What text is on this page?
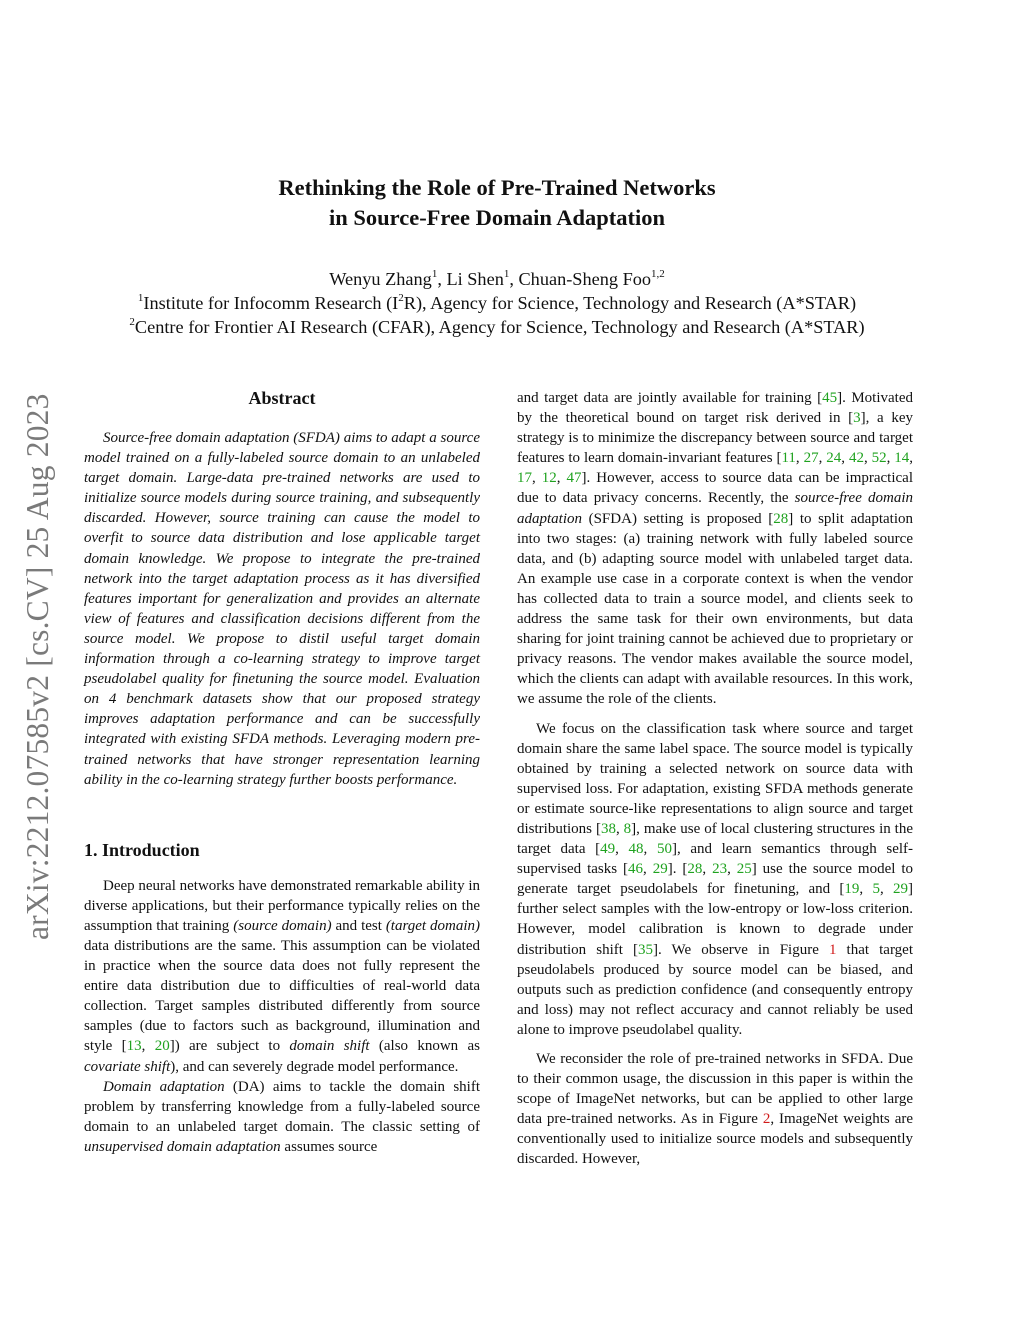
arXiv:2212.07585v2 [cs.CV] 25 Aug 2023
Rethinking the Role of Pre-Trained Networks
in Source-Free Domain Adaptation
Wenyu Zhang$^1$, Li Shen$^1$, Chuan-Sheng Foo$^{1,2}$
$^1$Institute for Infocomm Research $(I^2R)$, Agency for Science, Technology and Research (A*STAR)
$^2$Centre for Frontier AI Research (CFAR), Agency for Science, Technology and Research (A*STAR)
Abstract

Source-free domain adaptation (SFDA) aims to adapt a source model trained on a fully-labeled source domain to an unlabeled target domain. Large-data pre-trained networks are used to initialize source models during source training, and subsequently discarded. However, source training can cause the model to overfit to source data distribution and lose applicable target domain knowledge. We propose to integrate the pre-trained network into the target adaptation process as it has diversified features important for generalization and provides an alternate view of features and classification decisions different from the source model. We propose to distil useful target domain information through a co-learning strategy to improve target pseudolabel quality for finetuning the source model. Evaluation on 4 benchmark datasets show that our proposed strategy improves adaptation performance and can be successfully integrated with existing SFDA methods. Leveraging modern pre-trained networks that have stronger representation learning ability in the co-learning strategy further boosts performance.

1. Introduction

Deep neural networks have demonstrated remarkable ability in diverse applications, but their performance typically relies on the assumption that training (source domain) and test (target domain) data distributions are the same. This assumption can be violated in practice when the source data does not fully represent the entire data distribution due to difficulties of real-world data collection. Target samples distributed differently from source samples (due to factors such as background, illumination and style [13, 20]) are subject to domain shift (also known as covariate shift), and can severely degrade model performance.

Domain adaptation (DA) aims to tackle the domain shift problem by transferring knowledge from a fully-labeled source domain to an unlabeled target domain. The classic setting of unsupervised domain adaptation assumes source

and target data are jointly available for training [45]. Motivated by the theoretical bound on target risk derived in [3], a key strategy is to minimize the discrepancy between source and target features to learn domain-invariant features [11, 27, 24, 42, 52, 14, 17, 12, 47]. However, access to source data can be impractical due to data privacy concerns. Recently, the source-free domain adaptation (SFDA) setting is proposed [28] to split adaptation into two stages: (a) training network with fully labeled source data, and (b) adapting source model with unlabeled target data. An example use case in a corporate context is when the vendor has collected data to train a source model, and clients seek to address the same task for their own environments, but data sharing for joint training cannot be achieved due to proprietary or privacy reasons. The vendor makes available the source model, which the clients can adapt with available resources. In this work, we assume the role of the clients.

We focus on the classification task where source and target domain share the same label space. The source model is typically obtained by training a selected network on source data with supervised loss. For adaptation, existing SFDA methods generate or estimate source-like representations to align source and target distributions [38, 8], make use of local clustering structures in the target data [49, 48, 50], and learn semantics through self-supervised tasks [46, 29]. [28, 23, 25] use the source model to generate target pseudolabels for finetuning, and [19, 5, 29] further select samples with the low-entropy or low-loss criterion. However, model calibration is known to degrade under distribution shift [35]. We observe in Figure 1 that target pseudolabels produced by source model can be biased, and outputs such as prediction confidence (and consequently entropy and loss) may not reflect accuracy and cannot reliably be used alone to improve pseudolabel quality.

We reconsider the role of pre-trained networks in SFDA. Due to their common usage, the discussion in this paper is within the scope of ImageNet networks, but can be applied to other large data pre-trained networks. As in Figure 2, ImageNet weights are conventionally used to initialize source models and subsequently discarded. However,
